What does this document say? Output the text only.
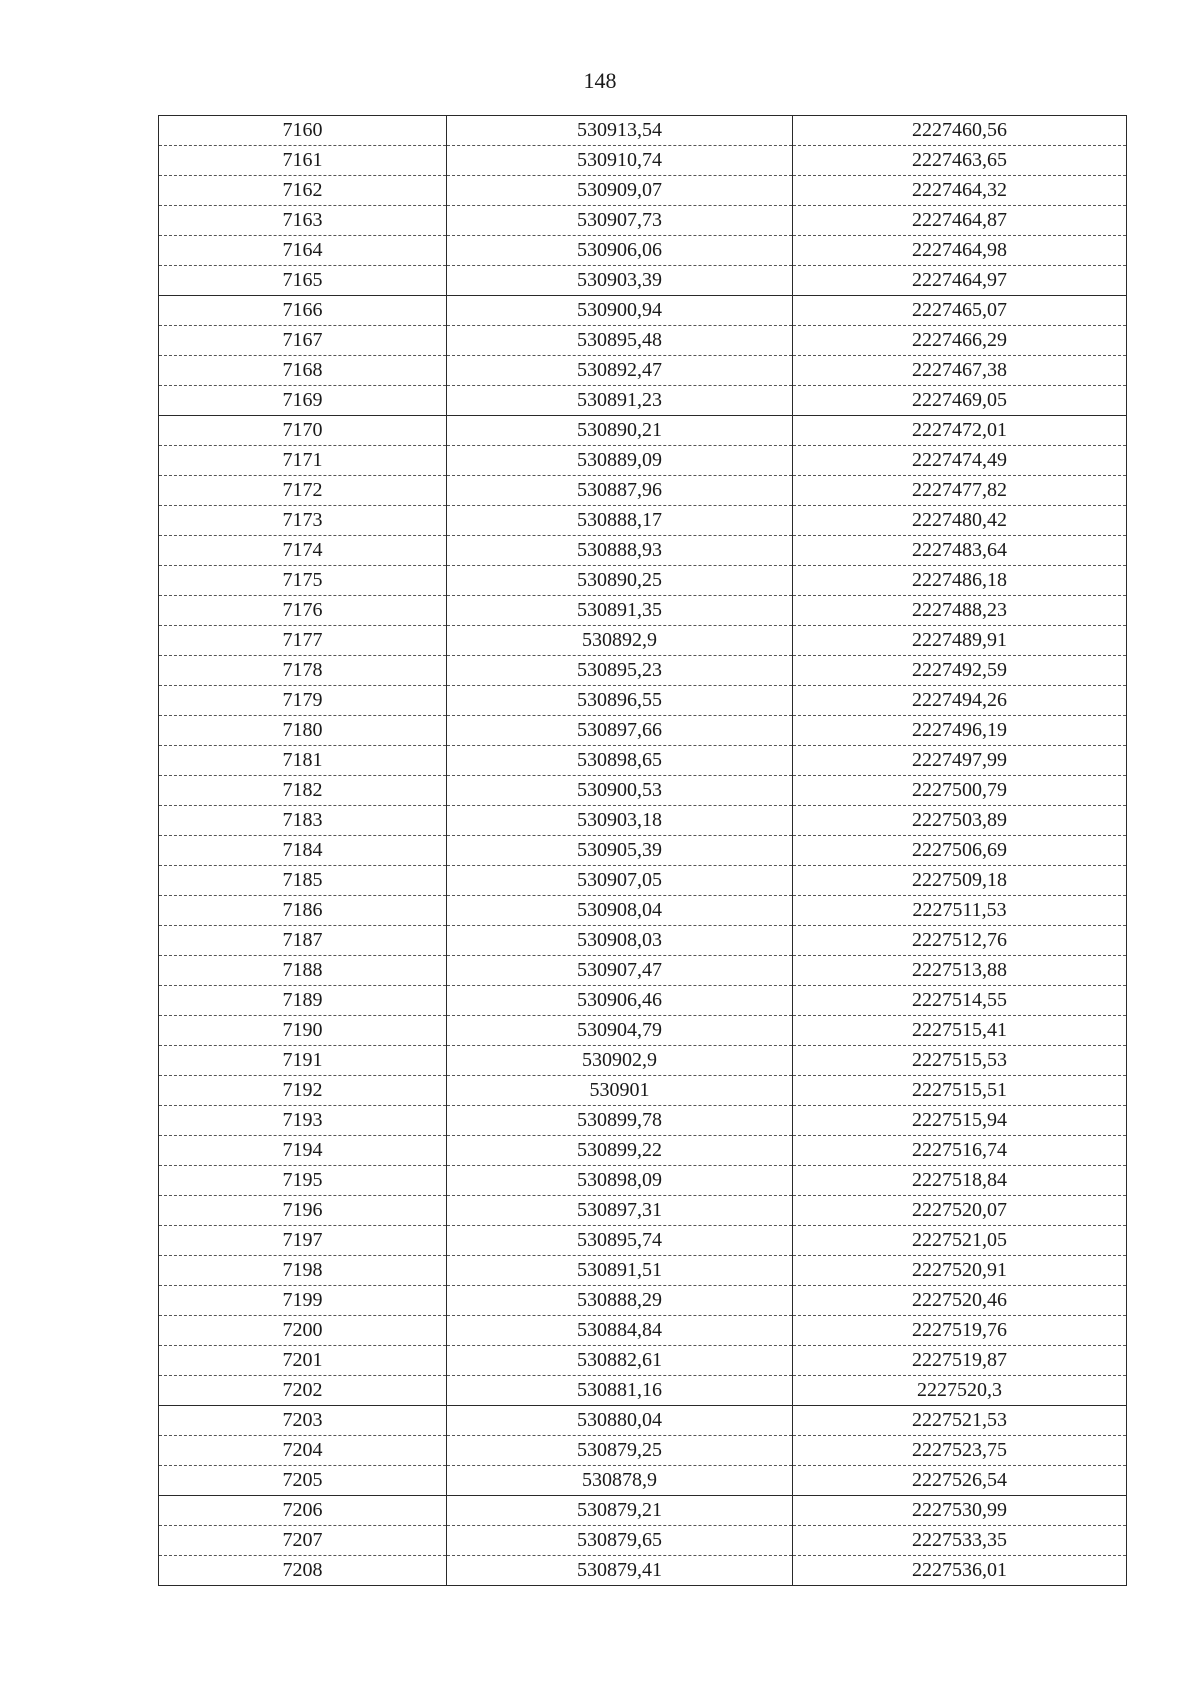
148
7160	530913,54	2227460,56
7161	530910,74	2227463,65
7162	530909,07	2227464,32
7163	530907,73	2227464,87
7164	530906,06	2227464,98
7165	530903,39	2227464,97
7166	530900,94	2227465,07
7167	530895,48	2227466,29
7168	530892,47	2227467,38
7169	530891,23	2227469,05
7170	530890,21	2227472,01
7171	530889,09	2227474,49
7172	530887,96	2227477,82
7173	530888,17	2227480,42
7174	530888,93	2227483,64
7175	530890,25	2227486,18
7176	530891,35	2227488,23
7177	530892,9	2227489,91
7178	530895,23	2227492,59
7179	530896,55	2227494,26
7180	530897,66	2227496,19
7181	530898,65	2227497,99
7182	530900,53	2227500,79
7183	530903,18	2227503,89
7184	530905,39	2227506,69
7185	530907,05	2227509,18
7186	530908,04	2227511,53
7187	530908,03	2227512,76
7188	530907,47	2227513,88
7189	530906,46	2227514,55
7190	530904,79	2227515,41
7191	530902,9	2227515,53
7192	530901	2227515,51
7193	530899,78	2227515,94
7194	530899,22	2227516,74
7195	530898,09	2227518,84
7196	530897,31	2227520,07
7197	530895,74	2227521,05
7198	530891,51	2227520,91
7199	530888,29	2227520,46
7200	530884,84	2227519,76
7201	530882,61	2227519,87
7202	530881,16	2227520,3
7203	530880,04	2227521,53
7204	530879,25	2227523,75
7205	530878,9	2227526,54
7206	530879,21	2227530,99
7207	530879,65	2227533,35
7208	530879,41	2227536,01
